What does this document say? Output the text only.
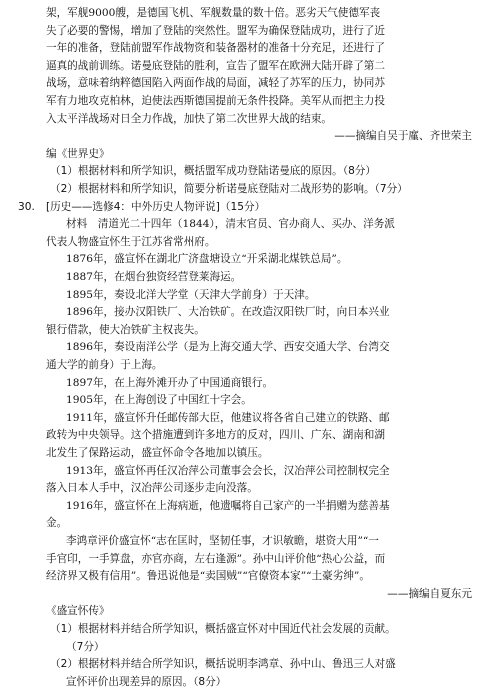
架，军舰9000艘，是德国飞机、军舰数量的数十倍。恶劣天气使德军丧
失了必要的警惕，增加了登陆的突然性。盟军为确保登陆成功，进行了近
一年的准备，登陆前盟军作战物资和装备器材的准备十分充足，还进行了
逼真的战前训练。诺曼底登陆的胜利，宣告了盟军在欧洲大陆开辟了第二
战场，意味着纳粹德国陷入两面作战的局面，减轻了苏军的压力，协同苏
军有力地攻克柏林，迫使法西斯德国提前无条件投降。美军从而把主力投
入太平洋战场对日全力作战，加快了第二次世界大战的结束。
——摘编自吴于廑、齐世荣主
编《世界史》
（1）根据材料和所学知识，概括盟军成功登陆诺曼底的原因。（8分）
（2）根据材料和所学知识，简要分析诺曼底登陆对二战形势的影响。（7分）
[历史——选修4：中外历史人物评说]（15分）
30.
材料　清道光二十四年（1844），清末官员、官办商人、买办、洋务派
代表人物盛宣怀生于江苏省常州府。
1876年，盛宣怀在湖北广济盘塘设立“开采湖北煤铁总局”。
1887年，在烟台独资经营登莱海运。
1895年，奏设北洋大学堂（天津大学前身）于天津。
1896年，接办汉阳铁厂、大冶铁矿。在改造汉阳铁厂时，向日本兴业
银行借款，使大冶铁矿主权丧失。
1896年，奏设南洋公学（是为上海交通大学、西安交通大学、台湾交
通大学的前身）于上海。
1897年，在上海外滩开办了中国通商银行。
1905年，在上海创设了中国红十字会。
1911年，盛宣怀升任邮传部大臣，他建议将各省自己建立的铁路、邮
政转为中央领导。这个措施遭到许多地方的反对，四川、广东、湖南和湖
北发生了保路运动，盛宣怀命令各地加以镇压。
1913年，盛宣怀再任汉冶萍公司董事会会长，汉冶萍公司控制权完全
落入日本人手中，汉冶萍公司逐步走向没落。
1916年，盛宣怀在上海病逝，他遗嘱将自己家产的一半捐赠为慈善基
金。
李鸿章评价盛宣怀“志在匡时，坚韧任事，才识敏瞻，堪资大用”“一
手官印，一手算盘，亦官亦商，左右逢源”。孙中山评价他“热心公益，而
经济界又极有信用”。鲁迅说他是“卖国贼”“官僚资本家”“土豪劣绅”。
——摘编自夏东元
《盛宣怀传》
（1）根据材料并结合所学知识，概括盛宣怀对中国近代社会发展的贡献。
（7分）
（2）根据材料并结合所学知识，概括说明李鸿章、孙中山、鲁迅三人对盛
宣怀评价出现差异的原因。（8分）
